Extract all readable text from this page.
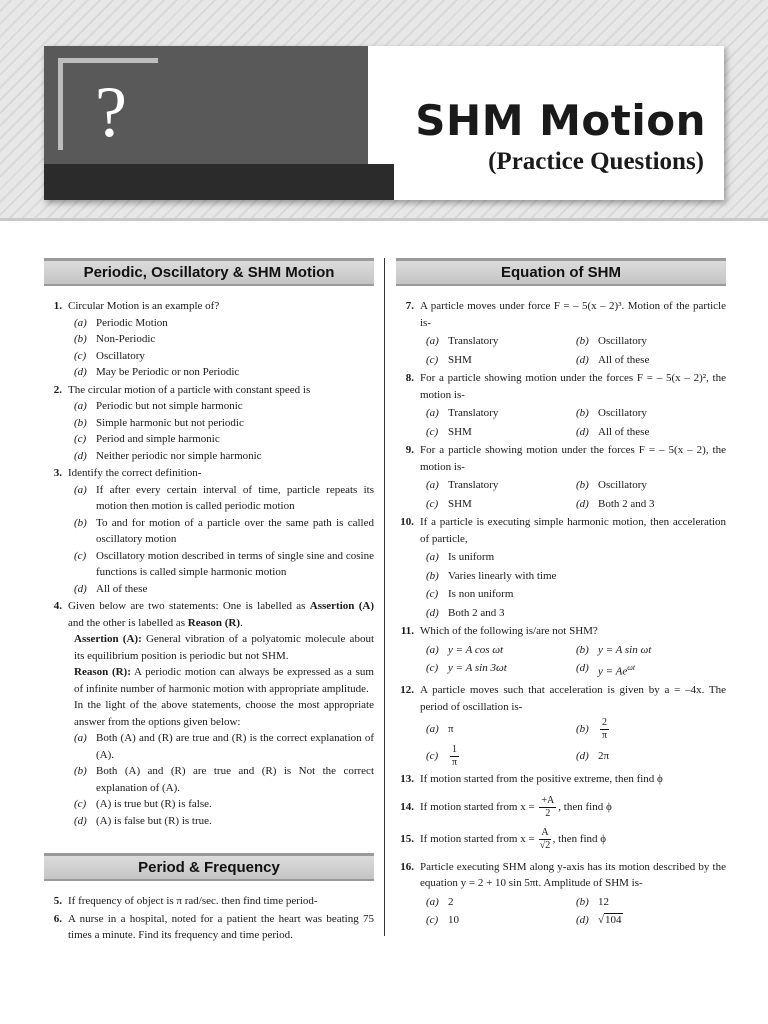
?	SHM Motion
(Practice Questions)
Periodic, Oscillatory & SHM Motion
1. Circular Motion is an example of?
(a) Periodic Motion
(b) Non-Periodic
(c) Oscillatory
(d) May be Periodic or non Periodic
2. The circular motion of a particle with constant speed is
(a) Periodic but not simple harmonic
(b) Simple harmonic but not periodic
(c) Period and simple harmonic
(d) Neither periodic nor simple harmonic
3. Identify the correct definition-
(a) If after every certain interval of time, particle repeats its motion then motion is called periodic motion
(b) To and for motion of a particle over the same path is called oscillatory motion
(c) Oscillatory motion described in terms of single sine and cosine functions is called simple harmonic motion
(d) All of these
4. Given below are two statements: One is labelled as Assertion (A) and the other is labelled as Reason (R).
Assertion (A): General vibration of a polyatomic molecule about its equilibrium position is periodic but not SHM.
Reason (R): A periodic motion can always be expressed as a sum of infinite number of harmonic motion with appropriate amplitude.
In the light of the above statements, choose the most appropriate answer from the options given below:
(a) Both (A) and (R) are true and (R) is the correct explanation of (A).
(b) Both (A) and (R) are true and (R) is Not the correct explanation of (A).
(c) (A) is true but (R) is false.
(d) (A) is false but (R) is true.
Period & Frequency
5. If frequency of object is π rad/sec. then find time period-
6. A nurse in a hospital, noted for a patient the heart was beating 75 times a minute. Find its frequency and time period.
Equation of SHM
7. A particle moves under force F = – 5(x – 2)³. Motion of the particle is-
(a) Translatory	(b) Oscillatory
(c) SHM	(d) All of these
8. For a particle showing motion under the forces F = – 5(x – 2)², the motion is-
(a) Translatory	(b) Oscillatory
(c) SHM	(d) All of these
9. For a particle showing motion under the forces F = – 5(x – 2), the motion is-
(a) Translatory	(b) Oscillatory
(c) SHM	(d) Both 2 and 3
10. If a particle is executing simple harmonic motion, then acceleration of particle,
(a) Is uniform
(b) Varies linearly with time
(c) Is non uniform
(d) Both 2 and 3
11. Which of the following is/are not SHM?
(a) y = A cos ωt	(b) y = A sin ωt
(c) y = A sin 3ωt	(d) $y = Ae^{\omega t}$
12. A particle moves such that acceleration is given by a = –4x. The period of oscillation is-
(a) π	(b)	$\frac{2}{\pi}$
(c)	$\frac{1}{\pi}$	(d) 2π
13. If motion started from the positive extreme, then find ϕ
14. If motion started from $x = \frac{+A}{2}$ , then find ϕ
15. If motion started from $x = \frac{A}{√2}$ , then find ϕ
16. Particle executing SHM along y-axis has its motion described by the equation y = 2 + 10 sin 5πt. Amplitude of SHM is-
(a) 2	(b) 12
(c) 10	(d) √104
